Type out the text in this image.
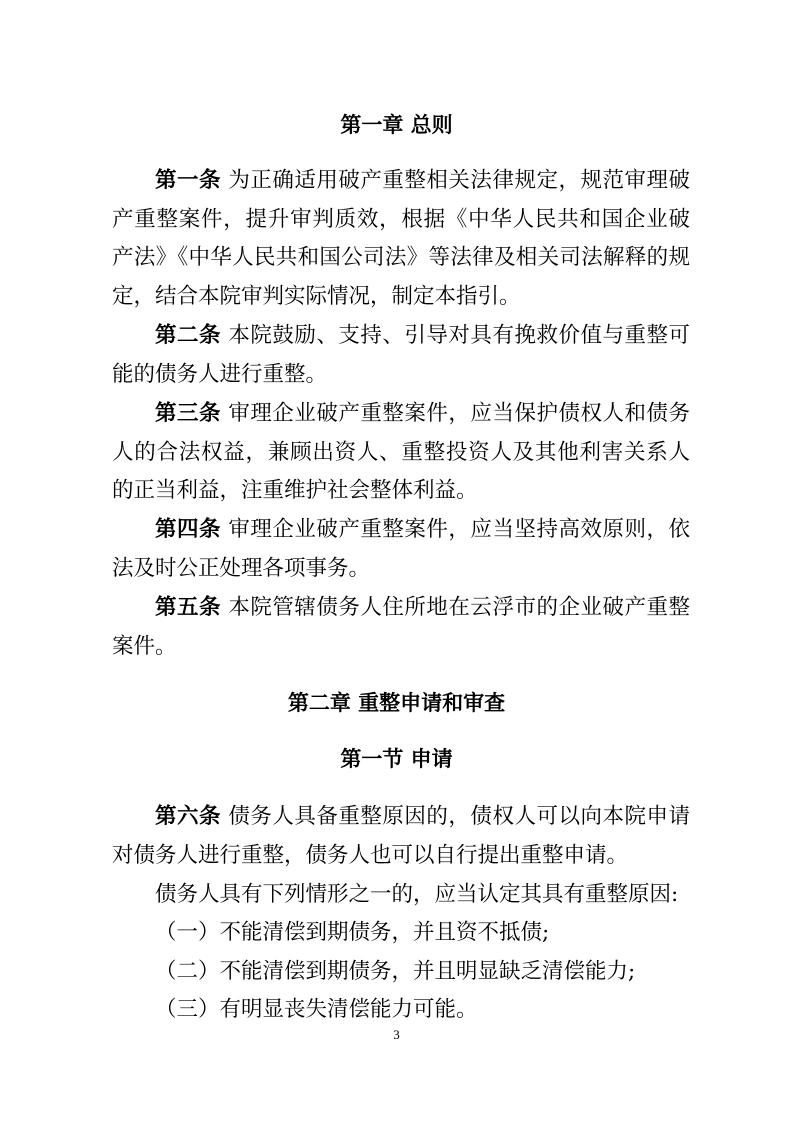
第一章 总则
第一条 为正确适用破产重整相关法律规定，规范审理破产重整案件，提升审判质效，根据《中华人民共和国企业破产法》《中华人民共和国公司法》等法律及相关司法解释的规定，结合本院审判实际情况，制定本指引。
第二条 本院鼓励、支持、引导对具有挽救价值与重整可能的债务人进行重整。
第三条 审理企业破产重整案件，应当保护债权人和债务人的合法权益，兼顾出资人、重整投资人及其他利害关系人的正当利益，注重维护社会整体利益。
第四条 审理企业破产重整案件，应当坚持高效原则，依法及时公正处理各项事务。
第五条 本院管辖债务人住所地在云浮市的企业破产重整案件。
第二章 重整申请和审查
第一节 申请
第六条 债务人具备重整原因的，债权人可以向本院申请对债务人进行重整，债务人也可以自行提出重整申请。
债务人具有下列情形之一的，应当认定其具有重整原因:
（一）不能清偿到期债务，并且资不抵债;
（二）不能清偿到期债务，并且明显缺乏清偿能力;
（三）有明显丧失清偿能力可能。
3
